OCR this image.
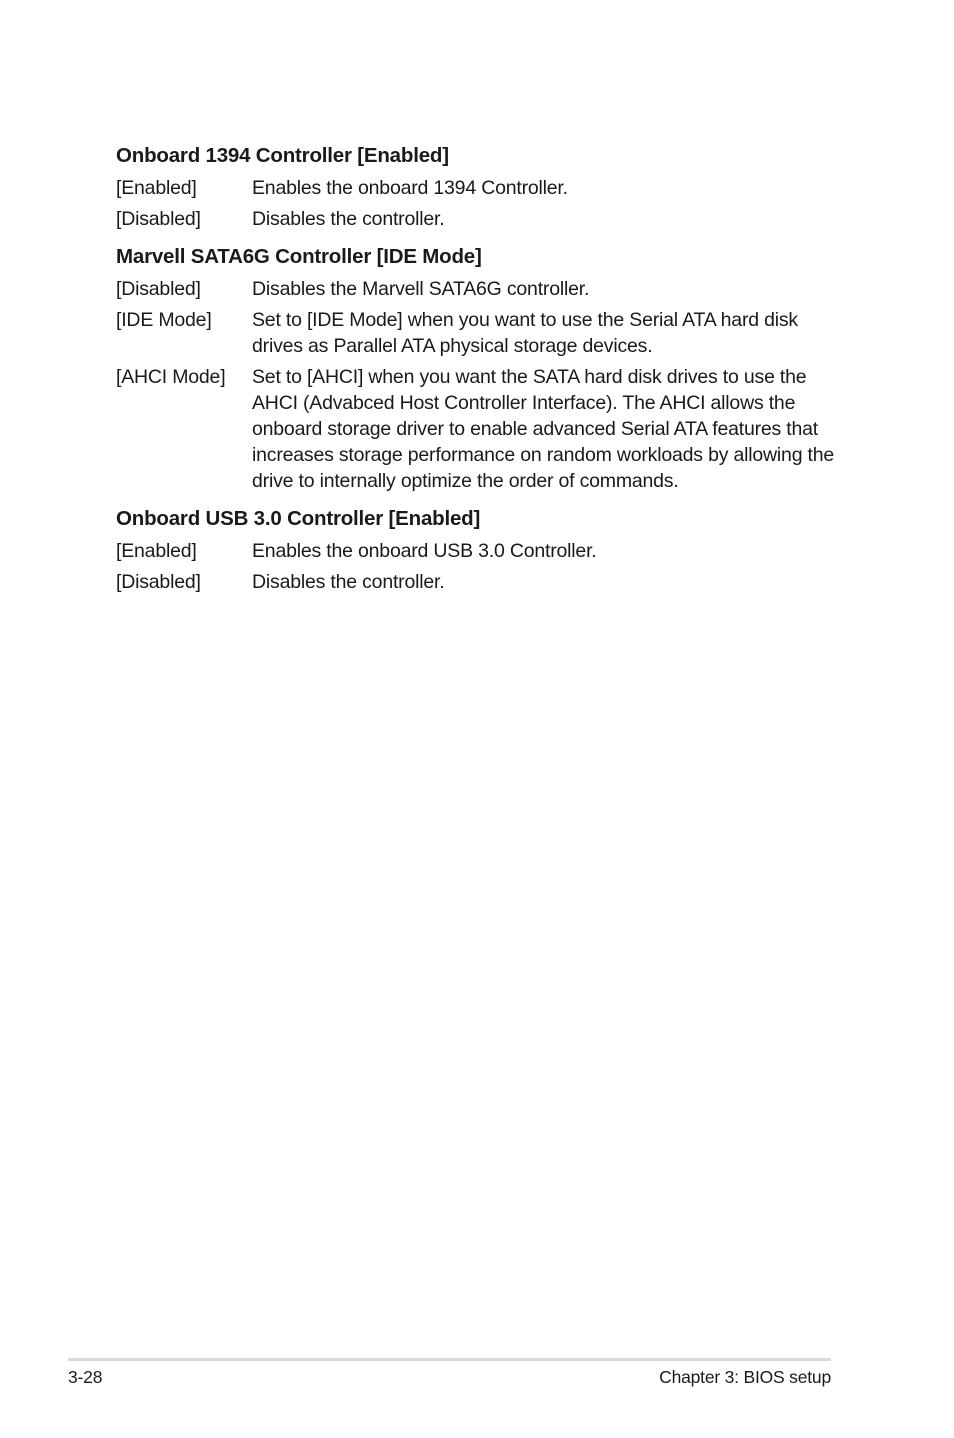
Onboard 1394 Controller [Enabled]
[Enabled]	Enables the onboard 1394 Controller.
[Disabled]	Disables the controller.
Marvell SATA6G Controller [IDE Mode]
[Disabled]	Disables the Marvell SATA6G controller.
[IDE Mode]	Set to [IDE Mode] when you want to use the Serial ATA hard disk drives as Parallel ATA physical storage devices.
[AHCI Mode]	Set to [AHCI] when you want the SATA hard disk drives to use the AHCI (Advabced Host Controller Interface). The AHCI allows the onboard storage driver to enable advanced Serial ATA features that increases storage performance on random workloads by allowing the drive to internally optimize the order of commands.
Onboard USB 3.0 Controller [Enabled]
[Enabled]	Enables the onboard USB 3.0 Controller.
[Disabled]	Disables the controller.
3-28	Chapter 3: BIOS setup
